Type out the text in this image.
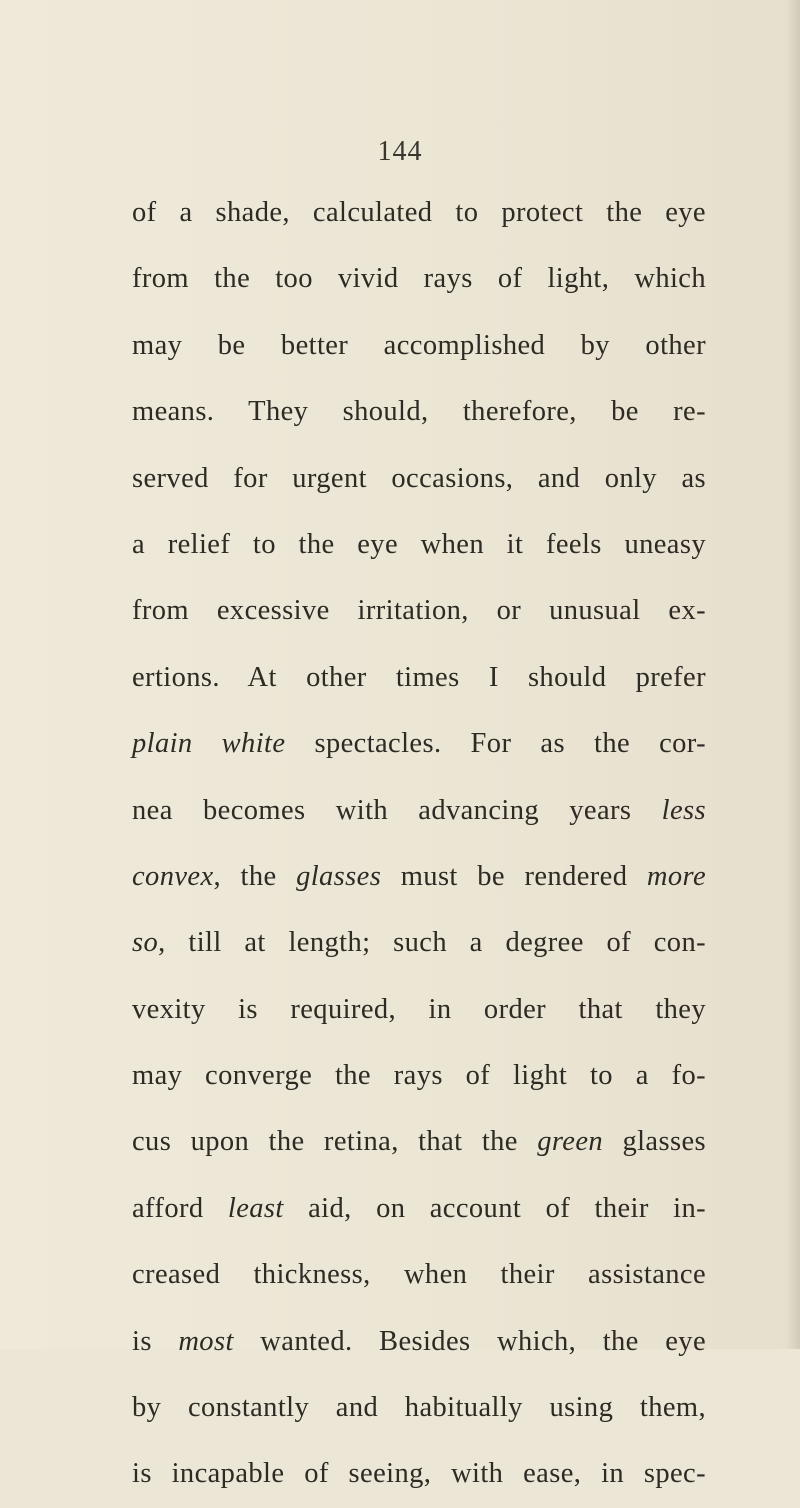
144
of a shade, calculated to protect the eye
from the too vivid rays of light, which
may be better accomplished by other
means. They should, therefore, be re-
served for urgent occasions, and only as
a relief to the eye when it feels uneasy
from excessive irritation, or unusual ex-
ertions. At other times I should prefer
plain white spectacles. For as the cor-
nea becomes with advancing years less
convex, the glasses must be rendered more
so, till at length; such a degree of con-
vexity is required, in order that they
may converge the rays of light to a fo-
cus upon the retina, that the green glasses
afford least aid, on account of their in-
creased thickness, when their assistance
is most wanted. Besides which, the eye
by constantly and habitually using them,
is incapable of seeing, with ease, in spec-
